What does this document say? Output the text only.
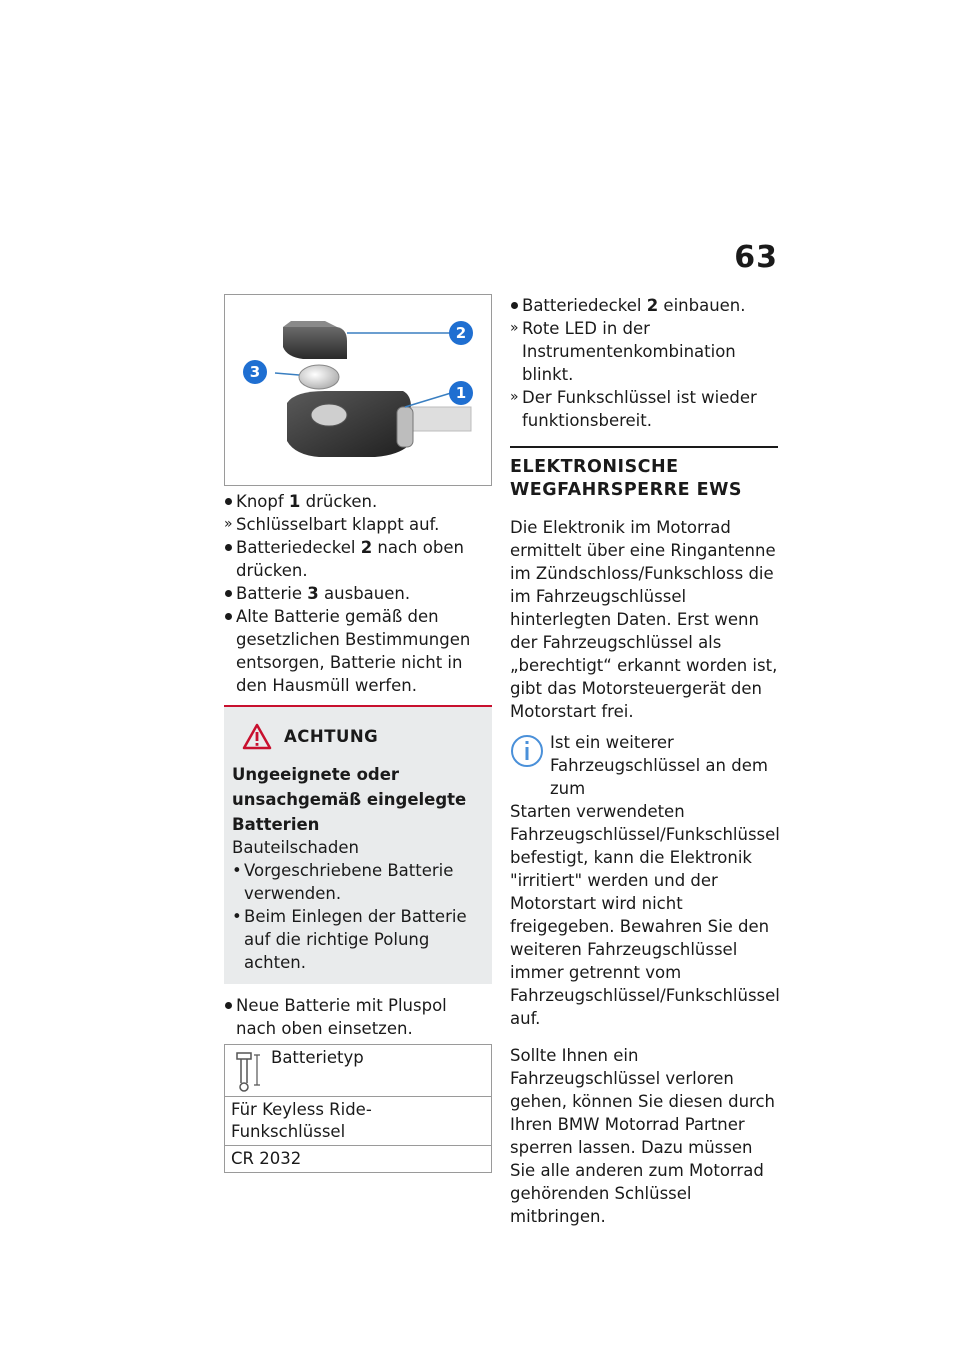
63
2
3
1
Knopf 1 drücken.
» Schlüsselbart klappt auf.
Batteriedeckel 2 nach oben drücken.
Batterie 3 ausbauen.
Alte Batterie gemäß den gesetzlichen Bestimmungen entsorgen, Batterie nicht in den Hausmüll werfen.
ACHTUNG
Ungeeignete oder unsachgemäß eingelegte Batterien
Bauteilschaden
• Vorgeschriebene Batterie verwenden.
• Beim Einlegen der Batterie auf die richtige Polung achten.
Neue Batterie mit Pluspol nach oben einsetzen.
Batterietyp

Für Keyless Ride-Funkschlüssel
CR 2032
Batteriedeckel 2 einbauen.
» Rote LED in der Instrumentenkombination blinkt.
» Der Funkschlüssel ist wieder funktionsbereit.
ELEKTRONISCHE WEGFAHRSPERRE EWS
Die Elektronik im Motorrad ermittelt über eine Ringantenne im Zündschloss/Funkschloss die im Fahrzeugschlüssel hinterlegten Daten. Erst wenn der Fahrzeugschlüssel als „berechtigt“ erkannt worden ist, gibt das Motorsteuergerät den Motorstart frei.
Ist ein weiterer Fahrzeugschlüssel an dem zum
Starten verwendeten Fahrzeugschlüssel/Funkschlüssel befestigt, kann die Elektronik "irritiert" werden und der Motorstart wird nicht freigegeben. Bewahren Sie den weiteren Fahrzeugschlüssel immer getrennt vom Fahrzeugschlüssel/Funkschlüssel auf.
Sollte Ihnen ein Fahrzeugschlüssel verloren gehen, können Sie diesen durch Ihren BMW Motorrad Partner sperren lassen. Dazu müssen Sie alle anderen zum Motorrad gehörenden Schlüssel mitbringen.
